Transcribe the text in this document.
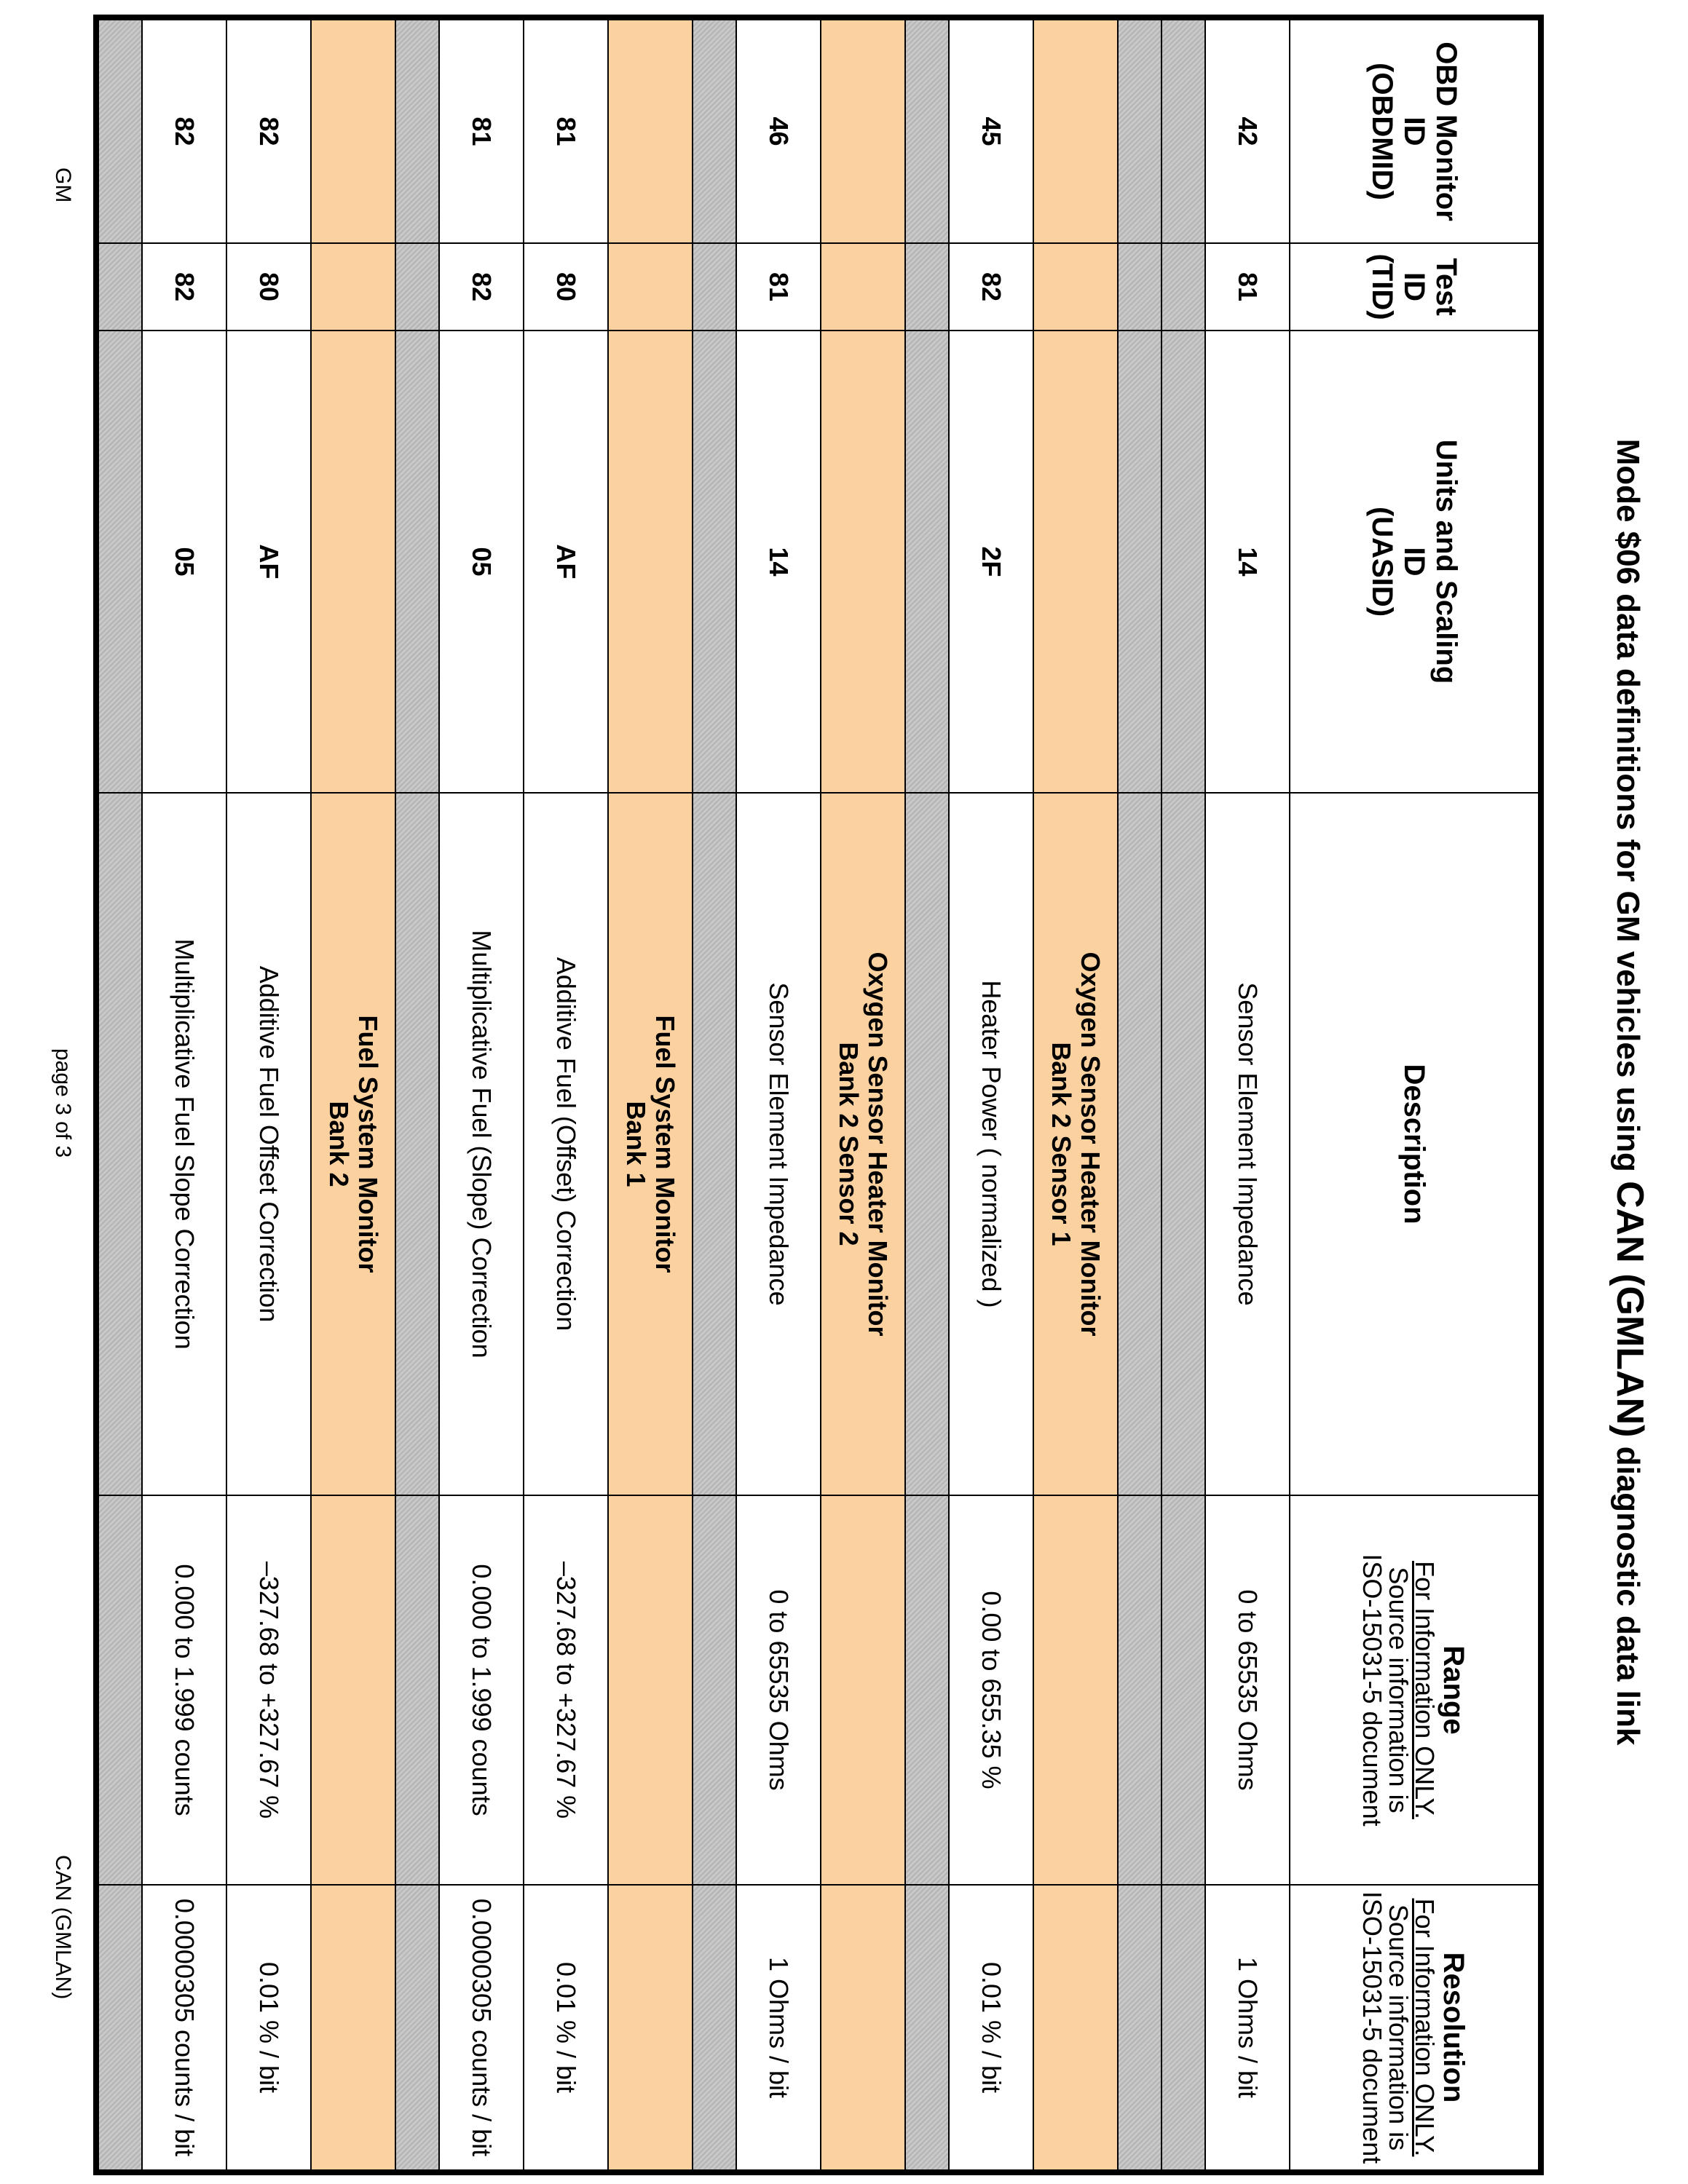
Mode $06 data definitions for GM vehicles using CAN (GMLAN) diagnostic data link
OBD Monitor
ID
(OBDMID)	Test
ID
(TID)	Units and Scaling
ID
(UASID)	Description	Range
For Information ONLY.
Source information is
ISO-15031-5 document	Resolution
For Information ONLY.
Source information is
ISO-15031-5 document

42	81	14	Sensor Element Impedance	0 to 65535 Ohms	1 Ohms / bit

			Oxygen Sensor Heater Monitor
Bank 2 Sensor 1		
45	82	2F	Heater Power ( normalized )	0.00 to 655.35 %	0.01 % / bit

			Oxygen Sensor Heater Monitor
Bank 2 Sensor 2		
46	81	14	Sensor Element Impedance	0 to 65535 Ohms	1 Ohms / bit

			Fuel System Monitor
Bank 1		
81	80	AF	Additive Fuel (Offset) Correction	–327.68 to +327.67 %	0.01 % / bit
81	82	05	Multiplicative Fuel (Slope) Correction	0.000 to 1.999 counts	0.0000305 counts / bit

			Fuel System Monitor
Bank 2		
82	80	AF	Additive Fuel Offset Correction	–327.68 to +327.67 %	0.01 % / bit
82	82	05	Multiplicative Fuel Slope Correction	0.000 to 1.999 counts	0.0000305 counts / bit

GM
page 3 of 3
CAN (GMLAN)
